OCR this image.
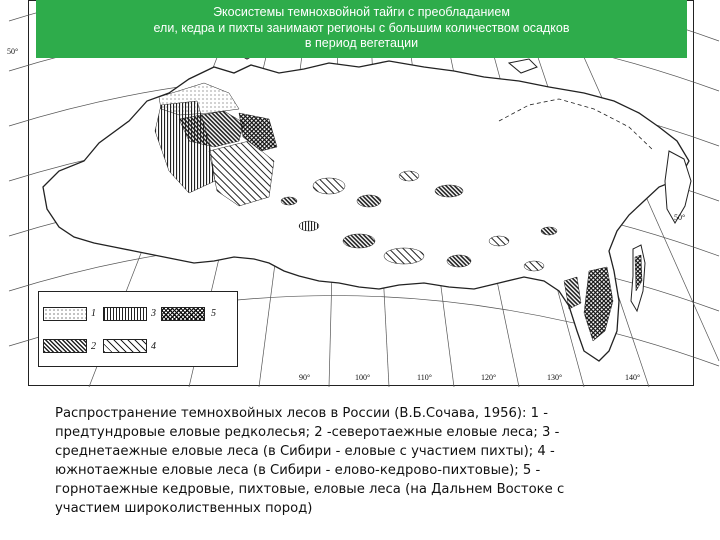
Экосистемы темнохвойной тайги с преобладанием
ели, кедра и пихты занимают регионы с большим количеством осадков
в период вегетации
50°
50°
90°	100°	110°	120°	130°	140°
1
2
3
4
5
Распространение темнохвойных лесов в России (В.Б.Сочава, 1956): 1 -
предтундровые еловые редколесья; 2 -северотаежные еловые леса; 3 -
среднетаежные еловые леса (в Сибири - еловые с участием пихты); 4 -
южнотаежные еловые леса (в Сибири - елово-кедрово-пихтовые); 5 -
горнотаежные кедровые, пихтовые, еловые леса (на Дальнем Востоке с
участием широколиственных пород)
